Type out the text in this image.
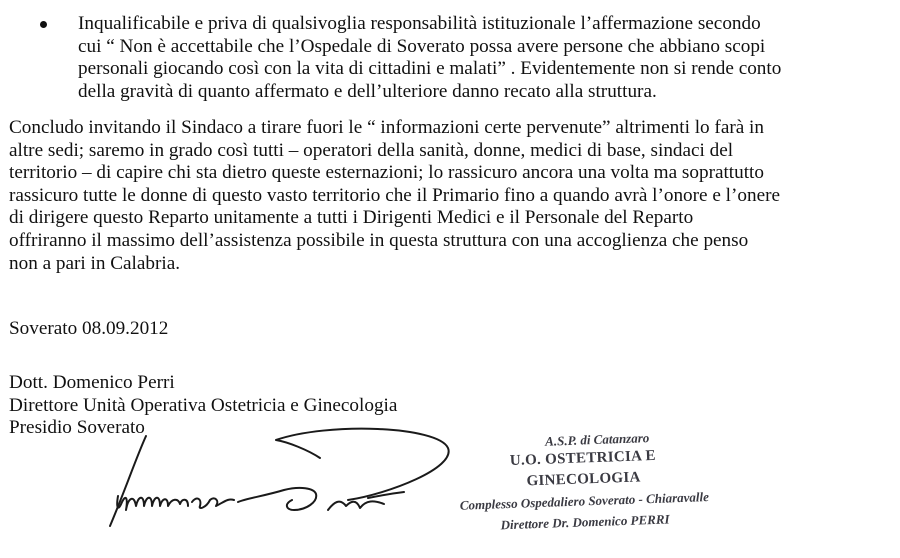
Inqualificabile e priva di qualsivoglia responsabilità istituzionale l’affermazione secondo
cui “ Non è accettabile che l’Ospedale di Soverato possa avere persone che abbiano scopi
personali giocando così con la vita di cittadini e malati” . Evidentemente non si rende conto
della gravità di quanto affermato e dell’ulteriore danno recato alla struttura.
Concludo invitando il Sindaco a tirare fuori le “ informazioni certe pervenute” altrimenti lo farà in
altre sedi; saremo in grado così tutti – operatori della sanità, donne, medici di base, sindaci del
territorio – di capire chi sta dietro queste esternazioni; lo rassicuro ancora una volta ma soprattutto
rassicuro tutte le donne di questo vasto territorio che il Primario fino a quando avrà l’onore e l’onere
di dirigere questo Reparto unitamente a tutti i Dirigenti Medici e il Personale del Reparto
offriranno il massimo dell’assistenza possibile in questa struttura con una accoglienza che penso
non a pari in Calabria.
Soverato 08.09.2012
Dott. Domenico Perri
Direttore Unità Operativa Ostetricia e Ginecologia
Presidio Soverato
A.S.P. di Catanzaro
U.O. OSTETRICIA E GINECOLOGIA
Complesso Ospedaliero Soverato - Chiaravalle
Direttore Dr. Domenico PERRI
